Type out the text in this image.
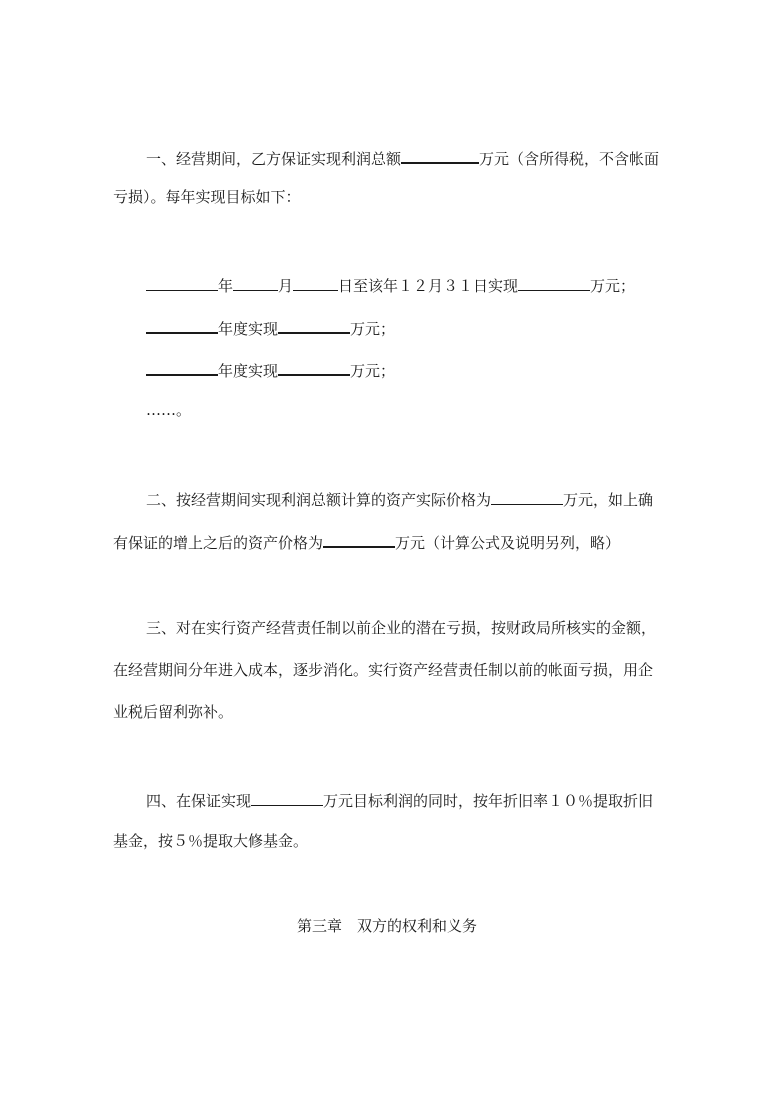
一、经营期间，乙方保证实现利润总额	万元（含所得税，不含帐面
亏损）。每年实现目标如下：
年	月	日至该年１２月３１日实现	万元；
年度实现	万元；
年度实现	万元；
……。
二、按经营期间实现利润总额计算的资产实际价格为	万元，如上确
有保证的增上之后的资产价格为	万元（计算公式及说明另列，略）
三、对在实行资产经营责任制以前企业的潜在亏损，按财政局所核实的金额，
在经营期间分年进入成本，逐步消化。实行资产经营责任制以前的帐面亏损，用企
业税后留利弥补。
四、在保证实现	万元目标利润的同时，按年折旧率１０％提取折旧
基金，按５％提取大修基金。
第三章　双方的权利和义务
